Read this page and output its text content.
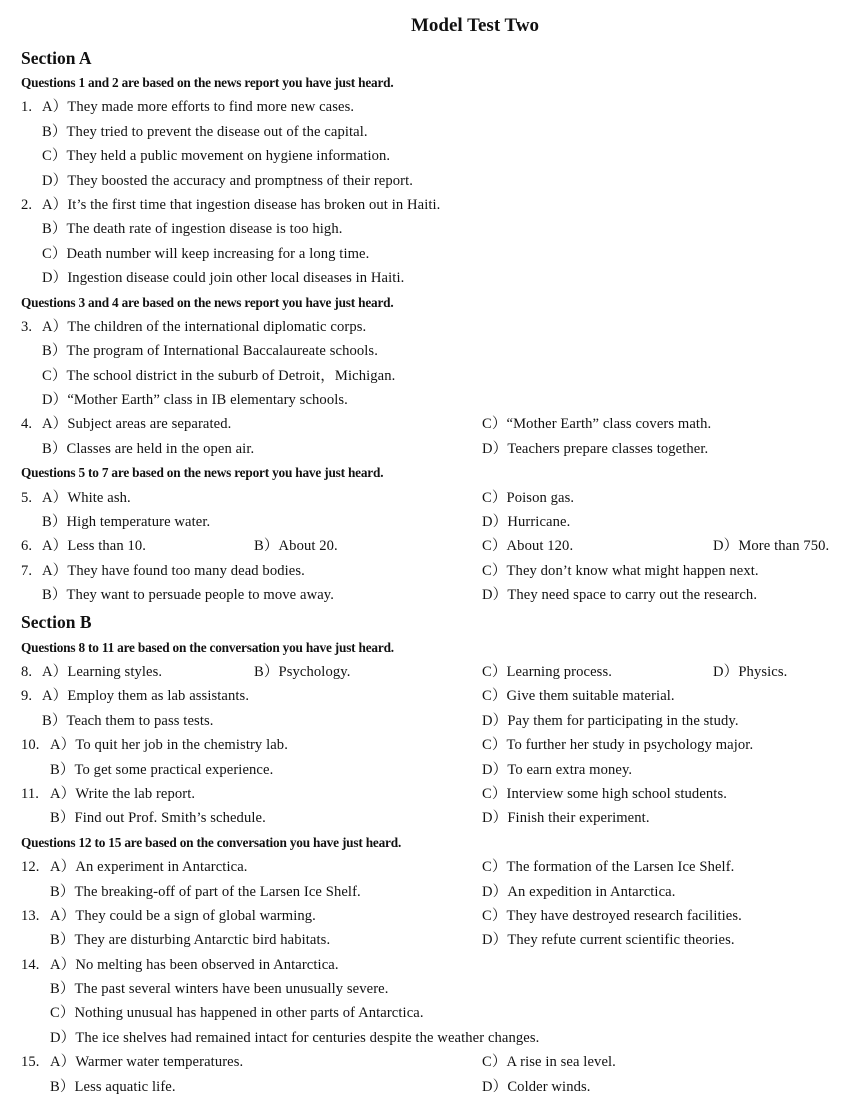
Model Test Two
Section A
Questions 1 and 2 are based on the news report you have just heard.
1. A）They made more efforts to find more new cases.
B）They tried to prevent the disease out of the capital.
C）They held a public movement on hygiene information.
D）They boosted the accuracy and promptness of their report.
2. A）It’s the first time that ingestion disease has broken out in Haiti.
B）The death rate of ingestion disease is too high.
C）Death number will keep increasing for a long time.
D）Ingestion disease could join other local diseases in Haiti.
Questions 3 and 4 are based on the news report you have just heard.
3. A）The children of the international diplomatic corps.
B）The program of International Baccalaureate schools.
C）The school district in the suburb of Detroit，Michigan.
D）“Mother Earth” class in IB elementary schools.
4. A）Subject areas are separated.	C）“Mother Earth” class covers math.
B）Classes are held in the open air.	D）Teachers prepare classes together.
Questions 5 to 7 are based on the news report you have just heard.
5. A）White ash.	C）Poison gas.
B）High temperature water.	D）Hurricane.
6. A）Less than 10.	B）About 20.	C）About 120.	D）More than 750.
7. A）They have found too many dead bodies.	C）They don’t know what might happen next.
B）They want to persuade people to move away.	D）They need space to carry out the research.
Section B
Questions 8 to 11 are based on the conversation you have just heard.
8. A）Learning styles.	B）Psychology.	C）Learning process.	D）Physics.
9. A）Employ them as lab assistants.	C）Give them suitable material.
B）Teach them to pass tests.	D）Pay them for participating in the study.
10. A）To quit her job in the chemistry lab.	C）To further her study in psychology major.
B）To get some practical experience.	D）To earn extra money.
11. A）Write the lab report.	C）Interview some high school students.
B）Find out Prof. Smith’s schedule.	D）Finish their experiment.
Questions 12 to 15 are based on the conversation you have just heard.
12. A）An experiment in Antarctica.	C）The formation of the Larsen Ice Shelf.
B）The breaking-off of part of the Larsen Ice Shelf.	D）An expedition in Antarctica.
13. A）They could be a sign of global warming.	C）They have destroyed research facilities.
B）They are disturbing Antarctic bird habitats.	D）They refute current scientific theories.
14. A）No melting has been observed in Antarctica.
B）The past several winters have been unusually severe.
C）Nothing unusual has happened in other parts of Antarctica.
D）The ice shelves had remained intact for centuries despite the weather changes.
15. A）Warmer water temperatures.	C）A rise in sea level.
B）Less aquatic life.	D）Colder winds.
